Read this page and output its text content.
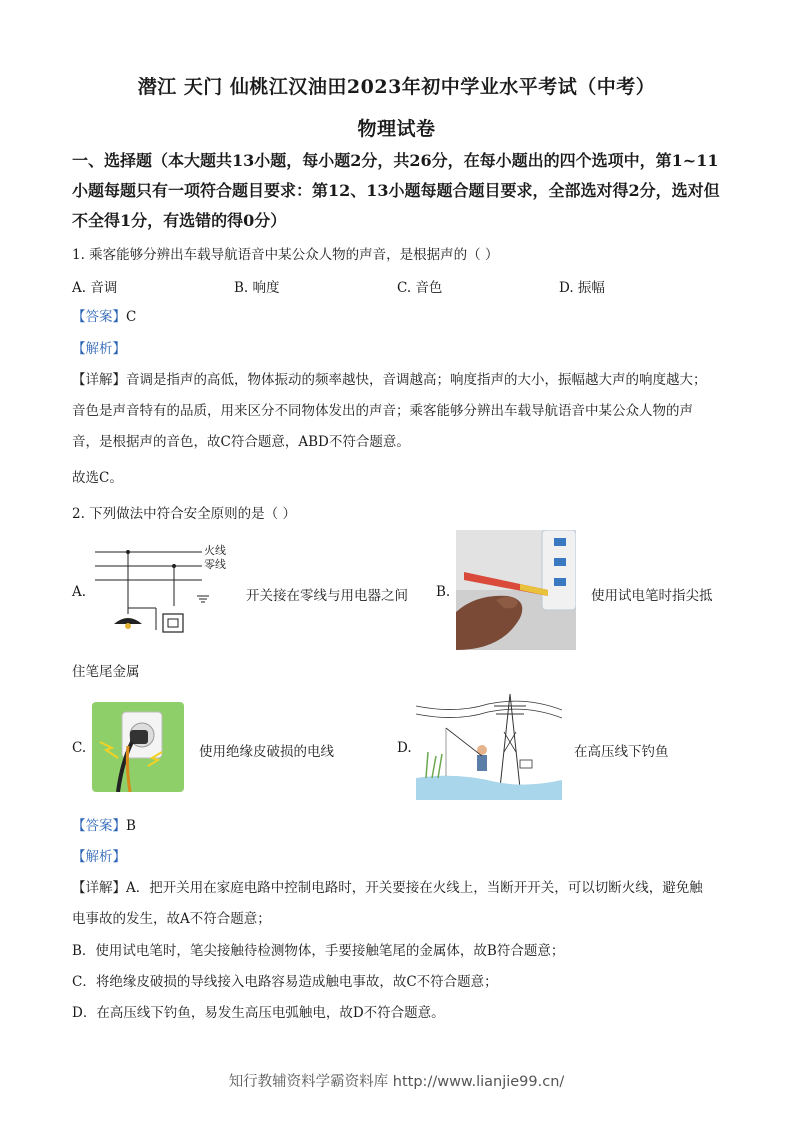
潜江 天门 仙桃江汉油田2023年初中学业水平考试（中考）
物理试卷
一、选择题（本大题共13小题，每小题2分，共26分，在每小题出的四个选项中，第1~11
小题每题只有一项符合题目要求：第12、13小题每题合题目要求，全部选对得2分，选对但
不全得1分，有选错的得0分）
1. 乘客能够分辨出车载导航语音中某公众人物的声音，是根据声的（ ）
A. 音调	B. 响度	C. 音色	D. 振幅
【答案】C
【解析】
【详解】音调是指声的高低，物体振动的频率越快，音调越高；响度指声的大小，振幅越大声的响度越大；
音色是声音特有的品质，用来区分不同物体发出的声音；乘客能够分辨出车载导航语音中某公众人物的声
音，是根据声的音色，故C符合题意，ABD不符合题意。
故选C。
2. 下列做法中符合安全原则的是（ ）
A.
火线
零线
开关接在零线与用电器之间 B.	使用试电笔时指尖抵
住笔尾金属
C.	使用绝缘皮破损的电线	D.	在高压线下钓鱼
【答案】B
【解析】
【详解】A．把开关用在家庭电路中控制电路时，开关要接在火线上，当断开开关，可以切断火线，避免触
电事故的发生，故A不符合题意；
B．使用试电笔时，笔尖接触待检测物体，手要接触笔尾的金属体，故B符合题意；
C．将绝缘皮破损的导线接入电路容易造成触电事故，故C不符合题意；
D．在高压线下钓鱼，易发生高压电弧触电，故D不符合题意。
知行教辅资料学霸资料库 http://www.lianjie99.cn/
